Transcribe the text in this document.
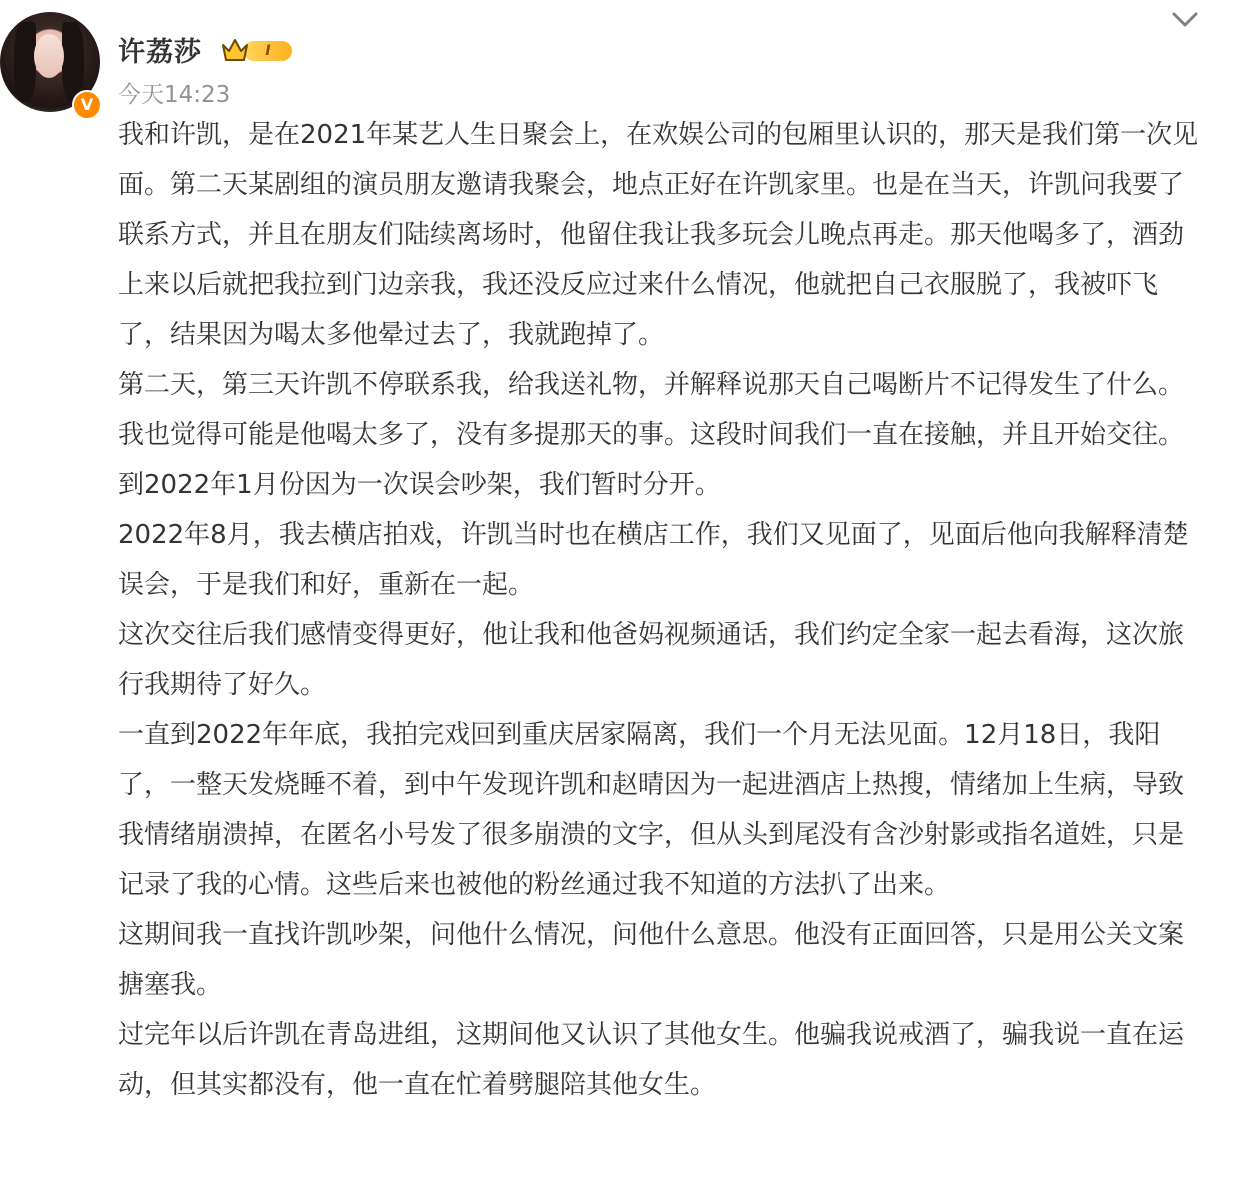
V
许荔莎	I
今天14:23

我和许凯，是在2021年某艺人生日聚会上，在欢娱公司的包厢里认识的，那天是我们第一次见面。第二天某剧组的演员朋友邀请我聚会，地点正好在许凯家里。也是在当天，许凯问我要了联系方式，并且在朋友们陆续离场时，他留住我让我多玩会儿晚点再走。那天他喝多了，酒劲上来以后就把我拉到门边亲我，我还没反应过来什么情况，他就把自己衣服脱了，我被吓飞了，结果因为喝太多他晕过去了，我就跑掉了。

第二天，第三天许凯不停联系我，给我送礼物，并解释说那天自己喝断片不记得发生了什么。我也觉得可能是他喝太多了，没有多提那天的事。这段时间我们一直在接触，并且开始交往。到2022年1月份因为一次误会吵架，我们暂时分开。

2022年8月，我去横店拍戏，许凯当时也在横店工作，我们又见面了，见面后他向我解释清楚误会，于是我们和好，重新在一起。

这次交往后我们感情变得更好，他让我和他爸妈视频通话，我们约定全家一起去看海，这次旅行我期待了好久。

一直到2022年年底，我拍完戏回到重庆居家隔离，我们一个月无法见面。12月18日，我阳了，一整天发烧睡不着，到中午发现许凯和赵晴因为一起进酒店上热搜，情绪加上生病，导致我情绪崩溃掉，在匿名小号发了很多崩溃的文字，但从头到尾没有含沙射影或指名道姓，只是记录了我的心情。这些后来也被他的粉丝通过我不知道的方法扒了出来。

这期间我一直找许凯吵架，问他什么情况，问他什么意思。他没有正面回答，只是用公关文案搪塞我。

过完年以后许凯在青岛进组，这期间他又认识了其他女生。他骗我说戒酒了，骗我说一直在运动，但其实都没有，他一直在忙着劈腿陪其他女生。
